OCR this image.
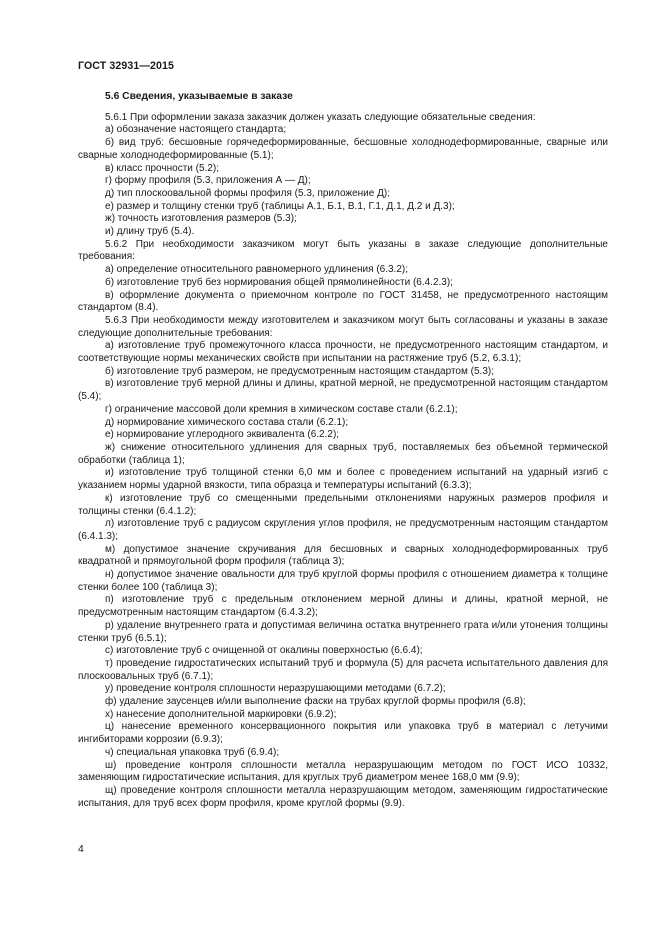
ГОСТ 32931—2015
5.6 Сведения, указываемые в заказе

5.6.1 При оформлении заказа заказчик должен указать следующие обязательные сведения:

а) обозначение настоящего стандарта;

б) вид труб: бесшовные горячедеформированные, бесшовные холоднодеформированные, сварные или сварные холоднодеформированные (5.1);

в) класс прочности (5.2);

г) форму профиля (5.3, приложения А — Д);

д) тип плоскоовальной формы профиля (5.3, приложение Д);

е) размер и толщину стенки труб (таблицы А.1, Б.1, В.1, Г.1, Д.1, Д.2 и Д.3);

ж) точность изготовления размеров (5.3);

и) длину труб (5.4).

5.6.2 При необходимости заказчиком могут быть указаны в заказе следующие дополнительные требования:

а) определение относительного равномерного удлинения (6.3.2);

б) изготовление труб без нормирования общей прямолинейности (6.4.2.3);

в) оформление документа о приемочном контроле по ГОСТ 31458, не предусмотренного настоящим стандартом (8.4).

5.6.3 При необходимости между изготовителем и заказчиком могут быть согласованы и указаны в заказе следующие дополнительные требования:

а) изготовление труб промежуточного класса прочности, не предусмотренного настоящим стандартом, и соответствующие нормы механических свойств при испытании на растяжение труб (5.2, 6.3.1);

б) изготовление труб размером, не предусмотренным настоящим стандартом (5.3);

в) изготовление труб мерной длины и длины, кратной мерной, не предусмотренной настоящим стандартом (5.4);

г) ограничение массовой доли кремния в химическом составе стали (6.2.1);

д) нормирование химического состава стали (6.2.1);

е) нормирование углеродного эквивалента (6.2.2);

ж) снижение относительного удлинения для сварных труб, поставляемых без объемной термической обработки (таблица 1);

и) изготовление труб толщиной стенки 6,0 мм и более с проведением испытаний на ударный изгиб с указанием нормы ударной вязкости, типа образца и температуры испытаний (6.3.3);

к) изготовление труб со смещенными предельными отклонениями наружных размеров профиля и толщины стенки (6.4.1.2);

л) изготовление труб с радиусом скругления углов профиля, не предусмотренным настоящим стандартом (6.4.1.3);

м) допустимое значение скручивания для бесшовных и сварных холоднодеформированных труб квадратной и прямоугольной форм профиля (таблица 3);

н) допустимое значение овальности для труб круглой формы профиля с отношением диаметра к толщине стенки более 100 (таблица 3);

п) изготовление труб с предельным отклонением мерной длины и длины, кратной мерной, не предусмотренным настоящим стандартом (6.4.3.2);

р) удаление внутреннего грата и допустимая величина остатка внутреннего грата и/или утонения толщины стенки труб (6.5.1);

с) изготовление труб с очищенной от окалины поверхностью (6.6.4);

т) проведение гидростатических испытаний труб и формула (5) для расчета испытательного давления для плоскоовальных труб (6.7.1);

у) проведение контроля сплошности неразрушающими методами (6.7.2);

ф) удаление заусенцев и/или выполнение фаски на трубах круглой формы профиля (6.8);

х) нанесение дополнительной маркировки (6.9.2);

ц) нанесение временного консервационного покрытия или упаковка труб в материал с летучими ингибиторами коррозии (6.9.3);

ч) специальная упаковка труб (6.9.4);

ш) проведение контроля сплошности металла неразрушающим методом по ГОСТ ИСО 10332, заменяющим гидростатические испытания, для круглых труб диаметром менее 168,0 мм (9.9);

щ) проведение контроля сплошности металла неразрушающим методом, заменяющим гидростатические испытания, для труб всех форм профиля, кроме круглой формы (9.9).

4
